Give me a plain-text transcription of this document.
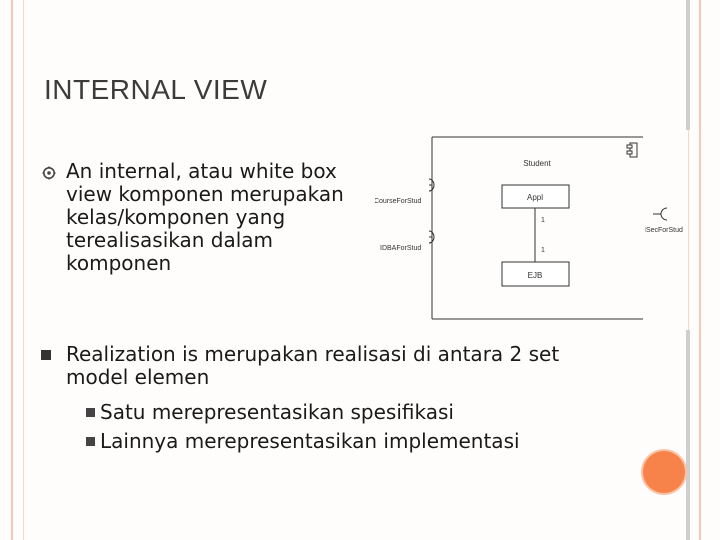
INTERNAL VIEW
An internal, atau white box
view komponen merupakan
kelas/komponen yang
terealisasikan dalam
komponen
Student
Appl
1
1
EJB
ICourseForStud
IDBAForStud
ISecForStud
Realization is merupakan realisasi di antara 2 set
model elemen
Satu merepresentasikan spesifikasi
Lainnya merepresentasikan implementasi
